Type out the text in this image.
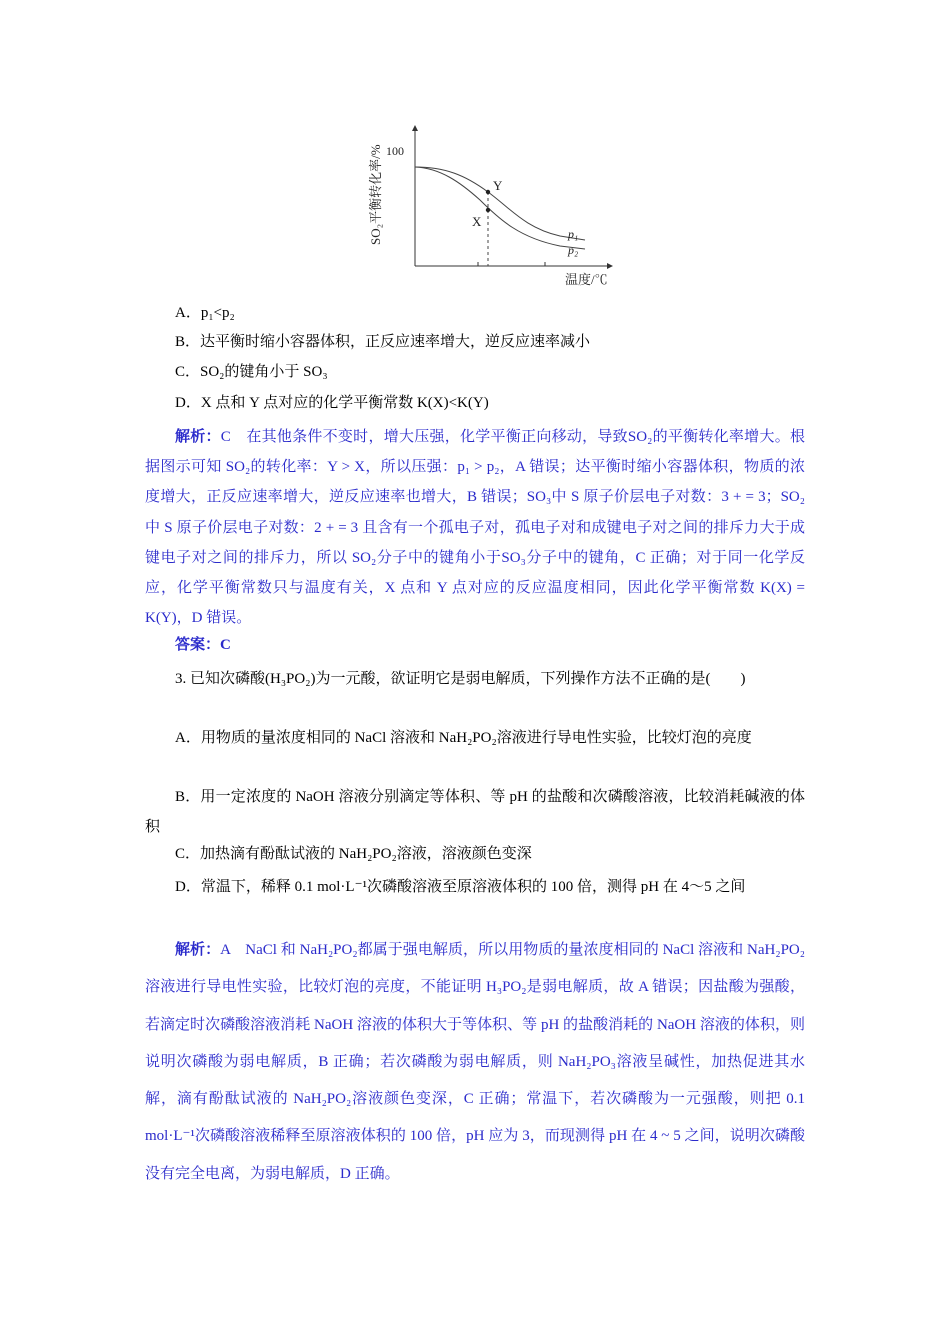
SO₂平衡转化率/% 100
Y
X
p₁
p₂
温度/℃
A．p₁<p₂
B．达平衡时缩小容器体积，正反应速率增大，逆反应速率减小
C．SO₂的键角小于 SO₃
D．X 点和 Y 点对应的化学平衡常数 K(X)<K(Y)
解析：C　在其他条件不变时，增大压强，化学平衡正向移动，导致SO₂的平衡转化率增大。根据图示可知 SO₂的转化率：Y > X，所以压强：p₁ > p₂，A 错误；达平衡时缩小容器体积，物质的浓度增大，正反应速率增大，逆反应速率也增大，B 错误；SO₃中 S 原子价层电子对数：3 + = 3；SO₂中 S 原子价层电子对数：2 + = 3 且含有一个孤电子对，孤电子对和成键电子对之间的排斥力大于成键电子对之间的排斥力，所以 SO₂分子中的键角小于SO₃分子中的键角，C 正确；对于同一化学反应，化学平衡常数只与温度有关，X 点和 Y 点对应的反应温度相同，因此化学平衡常数 K(X) = K(Y)，D 错误。
答案：C
3. 已知次磷酸(H₃PO₂)为一元酸，欲证明它是弱电解质，下列操作方法不正确的是(　　)
A．用物质的量浓度相同的 NaCl 溶液和 NaH₂PO₂溶液进行导电性实验，比较灯泡的亮度
B．用一定浓度的 NaOH 溶液分别滴定等体积、等 pH 的盐酸和次磷酸溶液，比较消耗碱液的体积
C．加热滴有酚酞试液的 NaH₂PO₂溶液，溶液颜色变深
D．常温下，稀释 0.1 mol·L⁻¹次磷酸溶液至原溶液体积的 100 倍，测得 pH 在 4～5 之间
解析：A　NaCl 和 NaH₂PO₂都属于强电解质，所以用物质的量浓度相同的 NaCl 溶液和 NaH₂PO₂溶液进行导电性实验，比较灯泡的亮度，不能证明 H₃PO₂是弱电解质，故 A 错误；因盐酸为强酸，若滴定时次磷酸溶液消耗 NaOH 溶液的体积大于等体积、等 pH 的盐酸消耗的 NaOH 溶液的体积，则说明次磷酸为弱电解质，B 正确；若次磷酸为弱电解质，则 NaH₂PO₃溶液呈碱性，加热促进其水解，滴有酚酞试液的 NaH₂PO₂溶液颜色变深，C 正确；常温下，若次磷酸为一元强酸，则把 0.1 mol·L⁻¹次磷酸溶液稀释至原溶液体积的 100 倍，pH 应为 3，而现测得 pH 在 4 ~ 5 之间，说明次磷酸没有完全电离，为弱电解质，D 正确。
